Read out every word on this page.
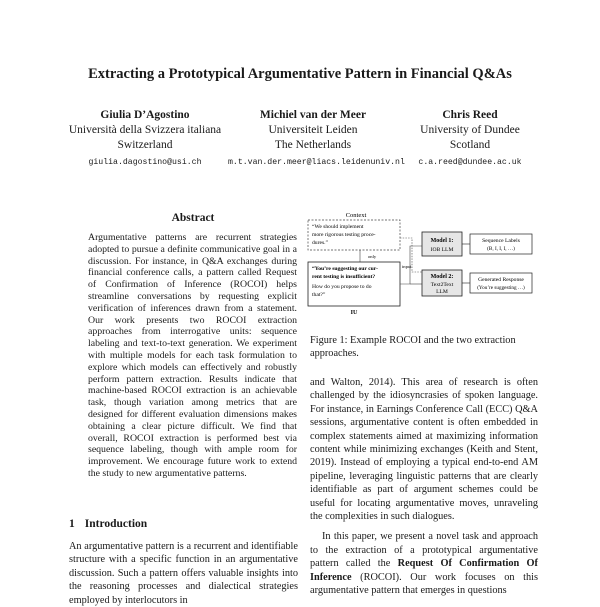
Extracting a Prototypical Argumentative Pattern in Financial Q&As
Giulia D’Agostino
Università della Svizzera italiana
Switzerland
giulia.dagostino@usi.ch
Michiel van der Meer
Universiteit Leiden
The Netherlands
m.t.van.der.meer@liacs.leidenuniv.nl
Chris Reed
University of Dundee
Scotland
c.a.reed@dundee.ac.uk
Abstract
Argumentative patterns are recurrent strategies adopted to pursue a definite communicative goal in a discussion. For instance, in Q&A exchanges during financial conference calls, a pattern called Request of Confirmation of Inference (ROCOI) helps streamline conversations by requesting explicit verification of inferences drawn from a statement. Our work presents two ROCOI extraction approaches from interrogative units: sequence labeling and text-to-text generation. We experiment with multiple models for each task formulation to explore which models can effectively and robustly perform pattern extraction. Results indicate that machine-based ROCOI extraction is an achievable task, though variation among metrics that are designed for different evaluation dimensions makes obtaining a clear picture difficult. We find that overall, ROCOI extraction is performed best via sequence labeling, though with ample room for improvement. We encourage future work to extend the study to new argumentative patterns.
1 Introduction
An argumentative pattern is a recurrent and identifiable structure with a specific function in an argumentative discussion. Such a pattern offers valuable insights into the reasoning processes and dialectical strategies employed by interlocutors in
Context
“We should implement
more rigorous testing proce-
dures.”
only
“You’re suggesting our cur-
rent testing is insufficient?
How do you propose to do
that?”
IU
input
Model 1:
IOB LLM
Model 2:
Text2Text
LLM
Sequence Labels
(B, I, I, I, …)
Generated Response
(You’re suggesting …)
Figure 1: Example ROCOI and the two extraction approaches.

and Walton, 2014). This area of research is often challenged by the idiosyncrasies of spoken language. For instance, in Earnings Conference Call (ECC) Q&A sessions, argumentative content is often embedded in complex statements aimed at maximizing information content while minimizing exchanges (Keith and Stent, 2019). Instead of employing a typical end-to-end AM pipeline, leveraging linguistic patterns that are clearly identifiable as part of argument schemes could be useful for locating argumentative moves, unraveling the complexities in such dialogues.

In this paper, we present a novel task and approach to the extraction of a prototypical argumentative pattern called the Request Of Confirmation Of Inference (ROCOI). Our work focuses on this argumentative pattern that emerges in questions
